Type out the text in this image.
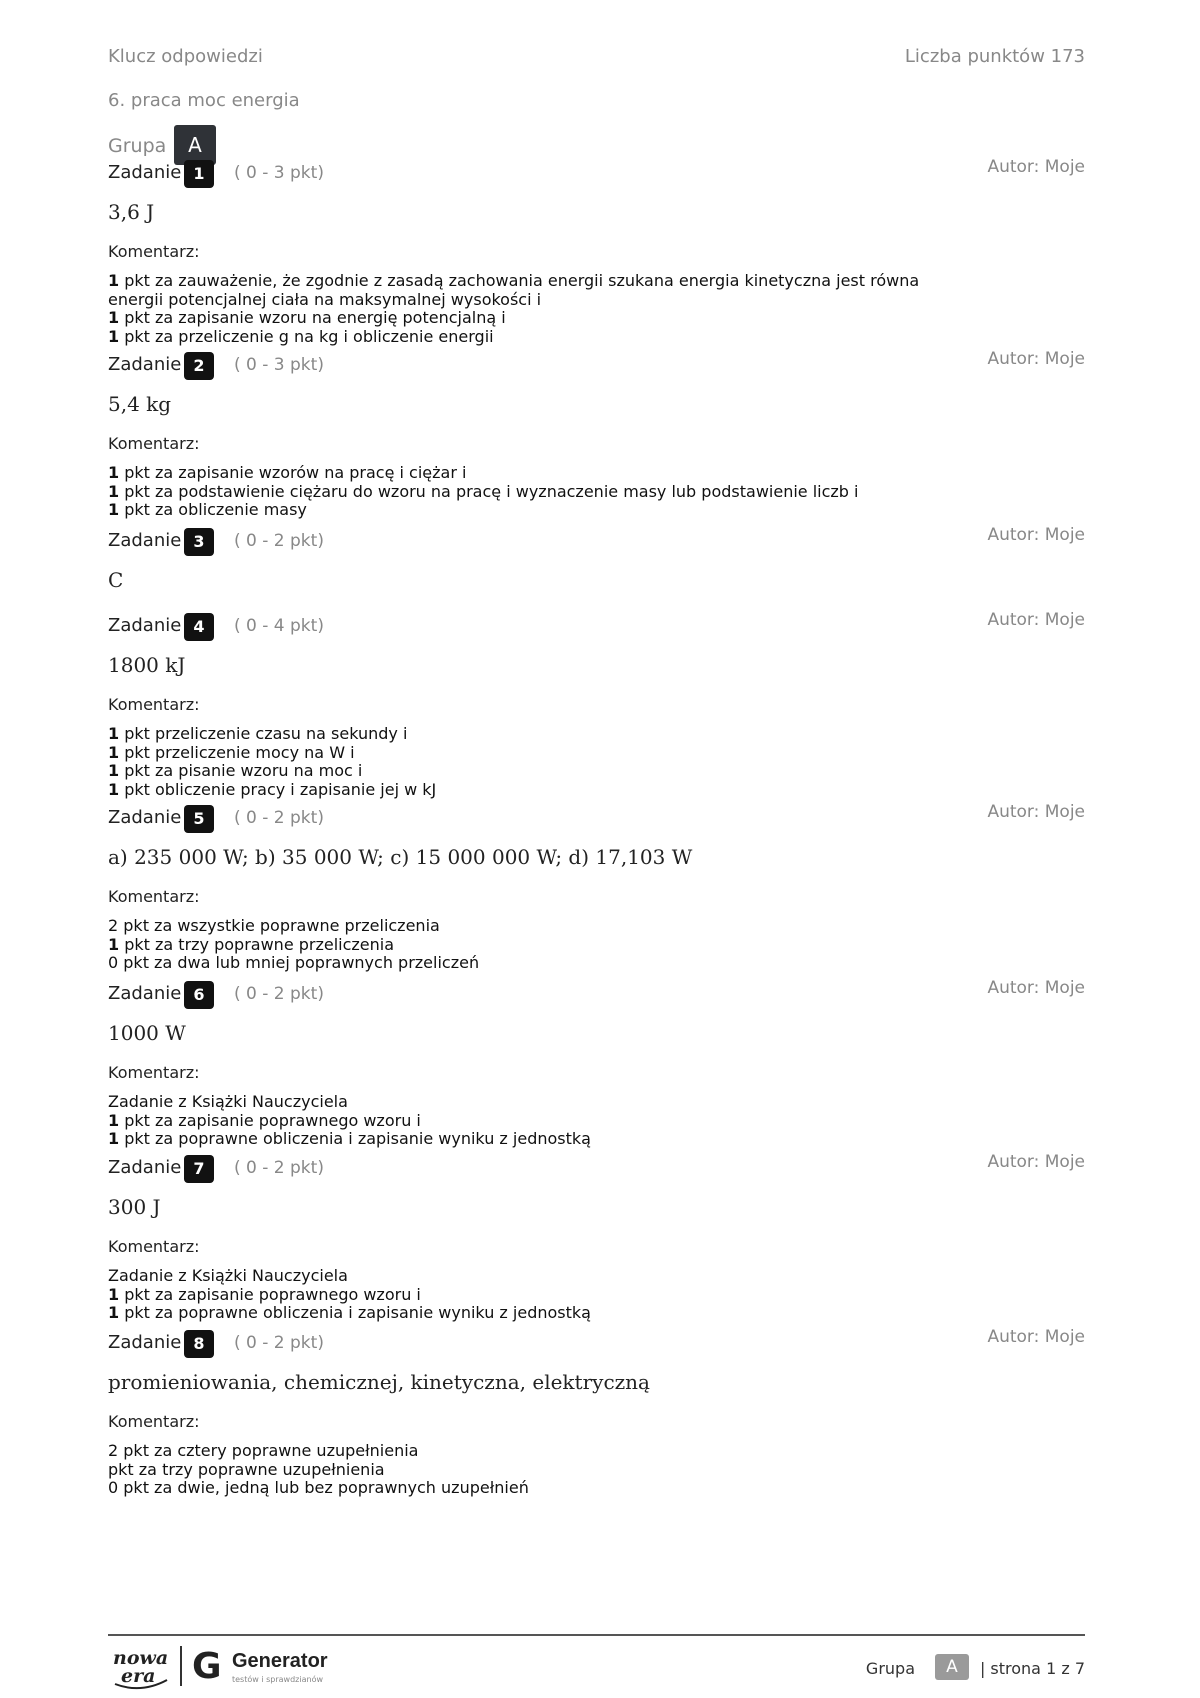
Klucz odpowiedzi	Liczba punktów 173
6. praca moc energia
Grupa	A
Zadanie 1	( 0 - 3 pkt)	Autor: Moje
3,6 J
Komentarz:
1 pkt za zauważenie, że zgodnie z zasadą zachowania energii szukana energia kinetyczna jest równa
energii potencjalnej ciała na maksymalnej wysokości i
1 pkt za zapisanie wzoru na energię potencjalną i
1 pkt za przeliczenie g na kg i obliczenie energii
Zadanie 2	( 0 - 3 pkt)	Autor: Moje
5,4 kg
Komentarz:
1 pkt za zapisanie wzorów na pracę i ciężar i
1 pkt za podstawienie ciężaru do wzoru na pracę i wyznaczenie masy lub podstawienie liczb i
1 pkt za obliczenie masy
Zadanie 3	( 0 - 2 pkt)	Autor: Moje
C
Zadanie 4	( 0 - 4 pkt)	Autor: Moje
1800 kJ
Komentarz:
1 pkt przeliczenie czasu na sekundy i
1 pkt przeliczenie mocy na W i
1 pkt za pisanie wzoru na moc i
1 pkt obliczenie pracy i zapisanie jej w kJ
Zadanie 5	( 0 - 2 pkt)	Autor: Moje
a) 235 000 W; b) 35 000 W; c) 15 000 000 W; d) 17,103 W
Komentarz:
2 pkt za wszystkie poprawne przeliczenia
1 pkt za trzy poprawne przeliczenia
0 pkt za dwa lub mniej poprawnych przeliczeń
Zadanie 6	( 0 - 2 pkt)	Autor: Moje
1000 W
Komentarz:
Zadanie z Książki Nauczyciela
1 pkt za zapisanie poprawnego wzoru i
1 pkt za poprawne obliczenia i zapisanie wyniku z jednostką
Zadanie 7	( 0 - 2 pkt)	Autor: Moje
300 J
Komentarz:
Zadanie z Książki Nauczyciela
1 pkt za zapisanie poprawnego wzoru i
1 pkt za poprawne obliczenia i zapisanie wyniku z jednostką
Zadanie 8	( 0 - 2 pkt)	Autor: Moje
promieniowania, chemicznej, kinetyczna, elektryczną
Komentarz:
2 pkt za cztery poprawne uzupełnienia
pkt za trzy poprawne uzupełnienia
0 pkt za dwie, jedną lub bez poprawnych uzupełnień
nowa
era G Generator
testów i sprawdzianów
Grupa	A	| strona 1 z 7
